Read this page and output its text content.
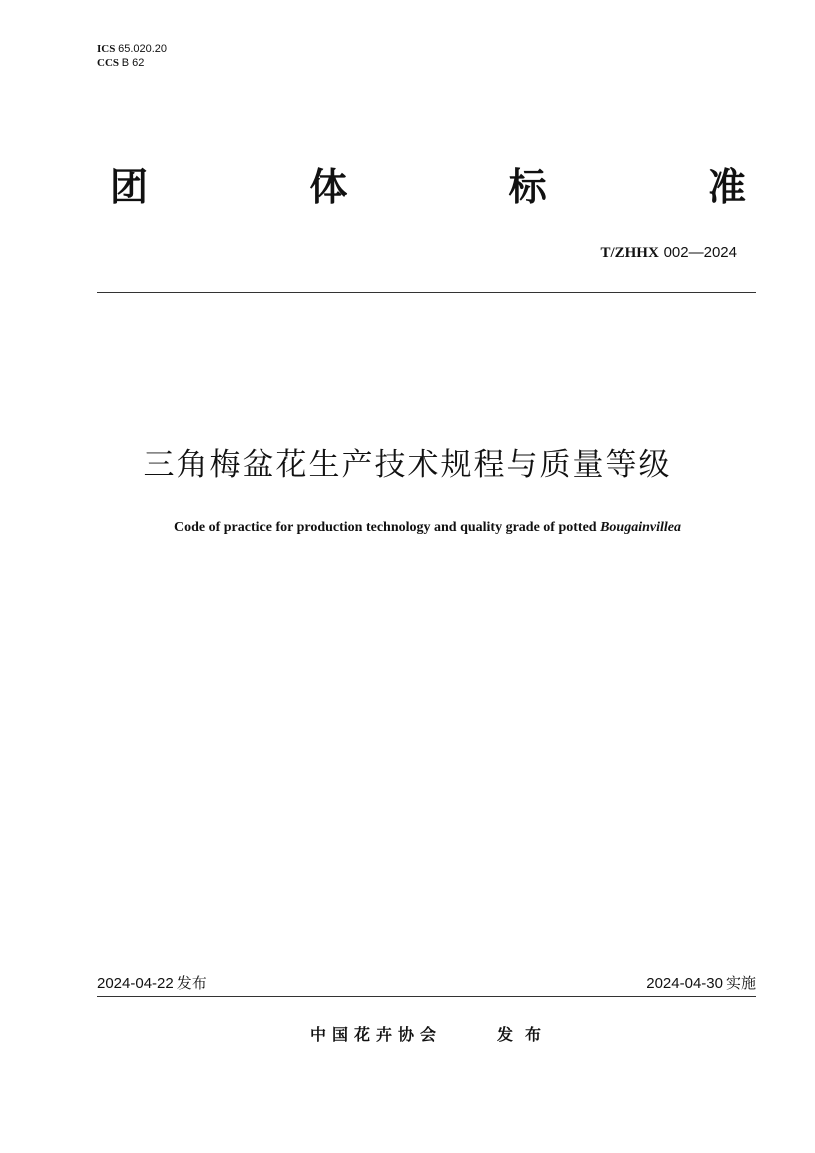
ICS 65.020.20
CCS B 62
团	体	标	准
T/ZHHX 002—2024
三角梅盆花生产技术规程与质量等级
Code of practice for production technology and quality grade of potted Bougainvillea
2024-04-22 发布	2024-04-30 实施
中国花卉协会	发布
